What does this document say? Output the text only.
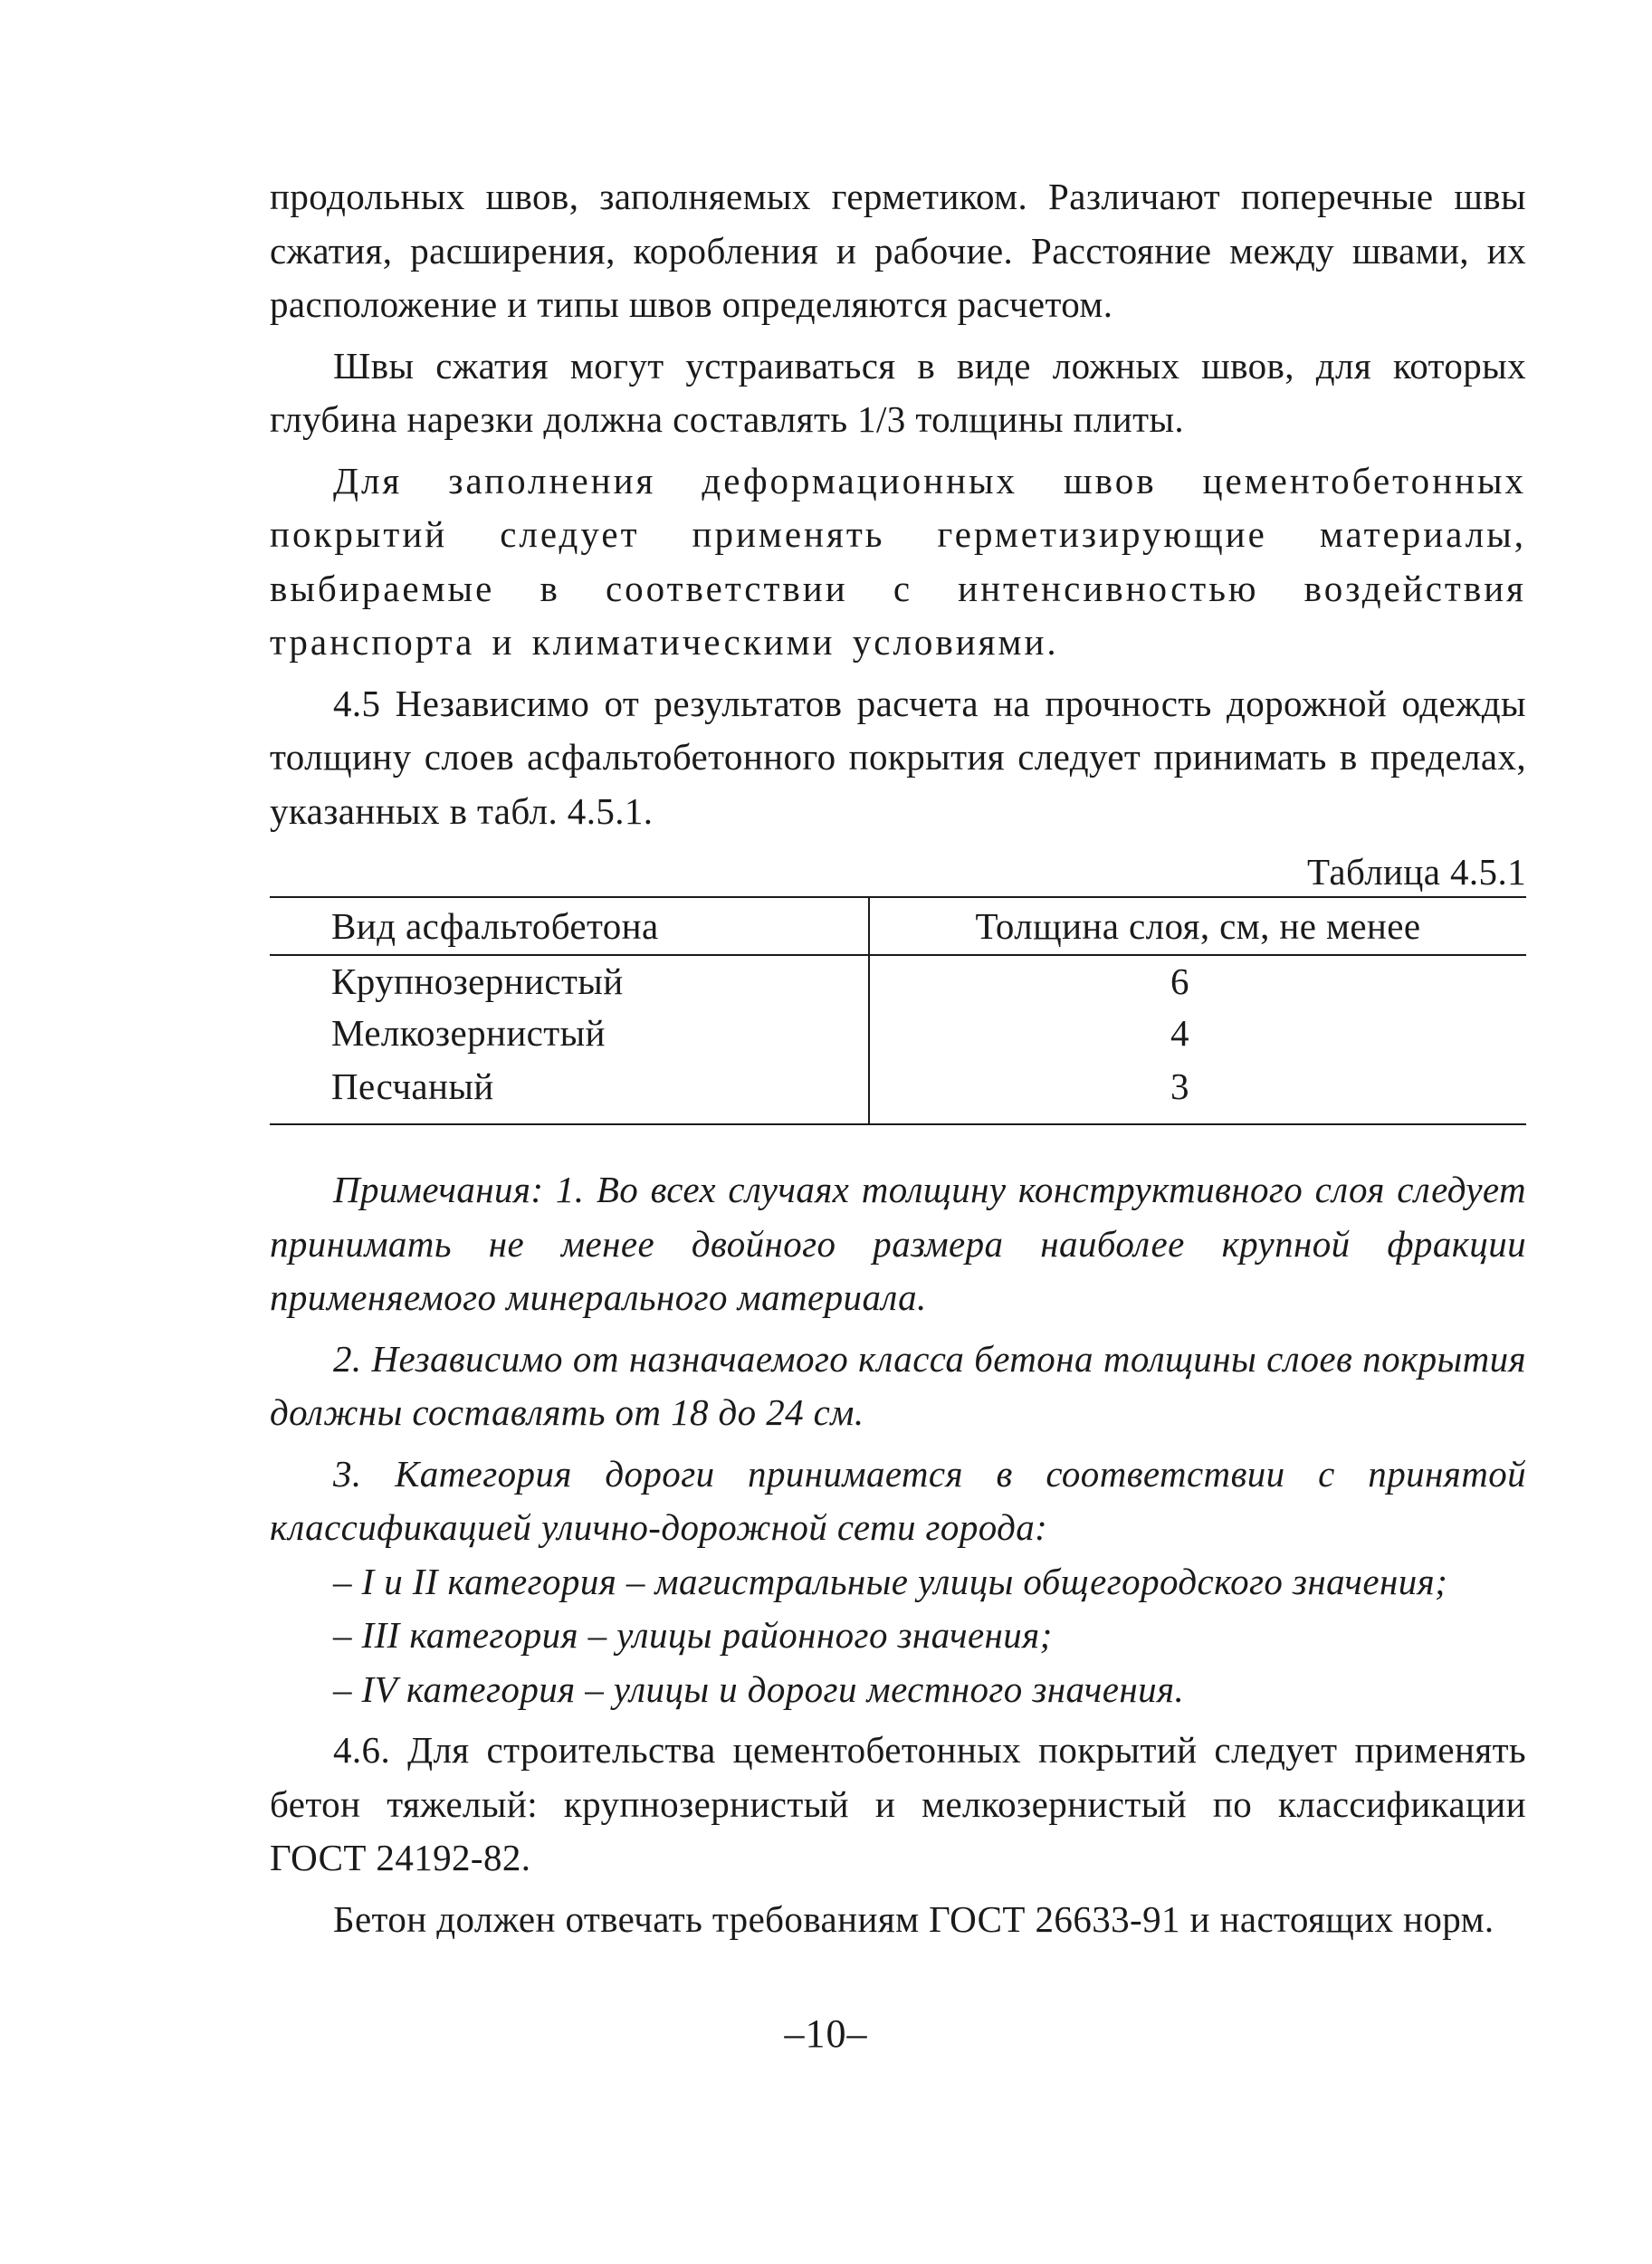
продольных швов, заполняемых герметиком. Различают поперечные швы сжатия, расширения, коробления и рабочие. Расстояние между швами, их расположение и типы швов определяются расчетом.

Швы сжатия могут устраиваться в виде ложных швов, для которых глубина нарезки должна составлять 1/3 толщины плиты.

Для заполнения деформационных швов цементобетонных покрытий следует применять герметизирующие материалы, выбираемые в соответствии с интенсивностью воздействия транспорта и климатическими условиями.

4.5 Независимо от результатов расчета на прочность дорожной одежды толщину слоев асфальтобетонного покрытия следует принимать в пределах, указанных в табл. 4.5.1.

Таблица 4.5.1
Вид асфальтобетона	Толщина слоя, см, не менее
Крупнозернистый	6
Мелкозернистый	4
Песчаный	3

Примечания: 1. Во всех случаях толщину конструктивного слоя следует принимать не менее двойного размера наиболее крупной фракции применяемого минерального материала.

2. Независимо от назначаемого класса бетона толщины слоев покрытия должны составлять от 18 до 24 см.

3. Категория дороги принимается в соответствии с принятой классификацией улично-дорожной сети города:

– I и II категория – магистральные улицы общегородского значения;

– III категория – улицы районного значения;

– IV категория – улицы и дороги местного значения.

4.6. Для строительства цементобетонных покрытий следует применять бетон тяжелый: крупнозернистый и мелкозернистый по классификации ГОСТ 24192-82.

Бетон должен отвечать требованиям ГОСТ 26633-91 и настоящих норм.

–10–
